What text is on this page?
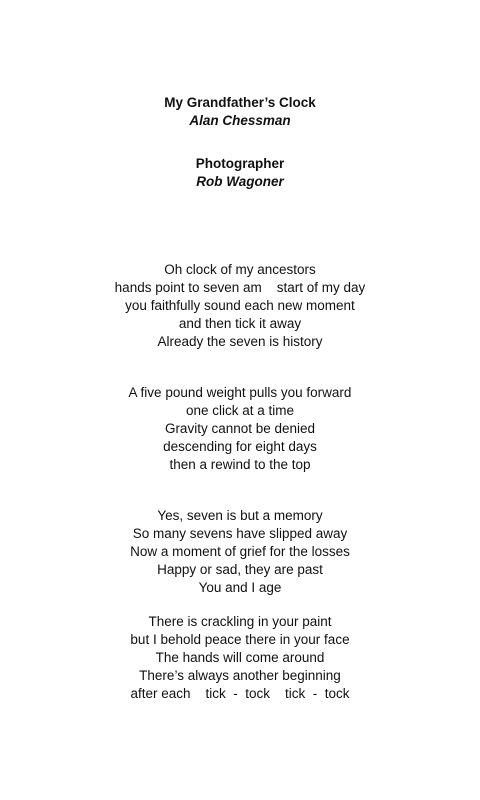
My Grandfather’s Clock
Alan Chessman
Photographer
Rob Wagoner
Oh clock of my ancestors
hands point to seven am    start of my day
you faithfully sound each new moment
and then tick it away
Already the seven is history
A five pound weight pulls you forward
one click at a time
Gravity cannot be denied
descending for eight days
then a rewind to the top
Yes, seven is but a memory
So many sevens have slipped away
Now a moment of grief for the losses
Happy or sad, they are past
You and I age
There is crackling in your paint
but I behold peace there in your face
The hands will come around
There’s always another beginning
after each    tick  -  tock    tick  -  tock
